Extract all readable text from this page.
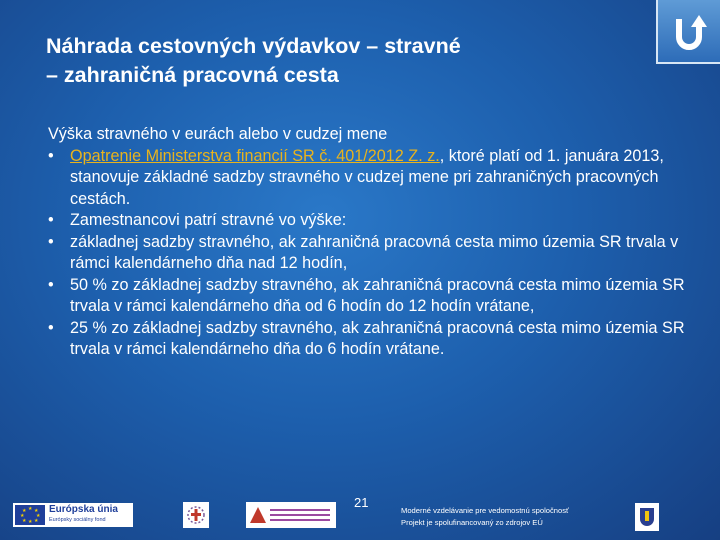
Náhrada cestovných výdavkov – stravné
– zahraničná pracovná cesta
Výška stravného v eurách alebo v cudzej mene
• Opatrenie Ministerstva financií SR č. 401/2012 Z. z., ktoré platí od 1. januára 2013, stanovuje základné sadzby stravného v cudzej mene pri zahraničných pracovných cestách.
• Zamestnancovi patrí stravné vo výške:
• základnej sadzby stravného, ak zahraničná pracovná cesta mimo územia SR trvala v rámci kalendárneho dňa nad 12 hodín,
• 50 % zo základnej sadzby stravného, ak zahraničná pracovná cesta mimo územia SR trvala v rámci kalendárneho dňa od 6 hodín do 12 hodín vrátane,
• 25 % zo základnej sadzby stravného, ak zahraničná pracovná cesta mimo územia SR trvala v rámci kalendárneho dňa do 6 hodín vrátane.
21
★ ★
★
★
★
★
★
★ Európska únia
Európsky sociálny fond
Moderné vzdelávanie pre vedomostnú spoločnosť
Projekt je spolufinancovaný zo zdrojov EÚ
